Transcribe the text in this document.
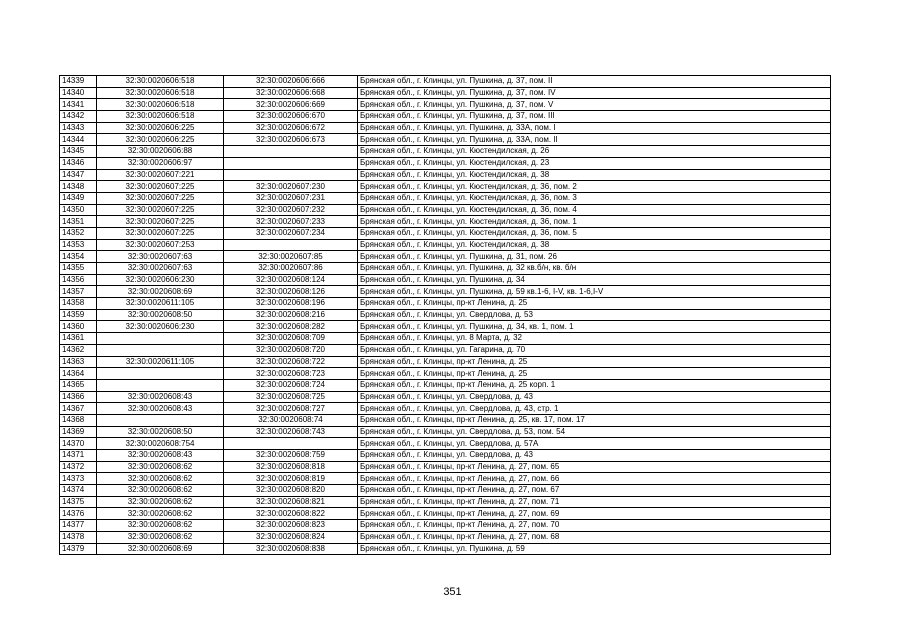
14339	32:30:0020606:518	32:30:0020606:666	Брянская обл., г. Клинцы, ул. Пушкина, д. 37, пом. II
14340	32:30:0020606:518	32:30:0020606:668	Брянская обл., г. Клинцы, ул. Пушкина, д. 37, пом. IV
14341	32:30:0020606:518	32:30:0020606:669	Брянская обл., г. Клинцы, ул. Пушкина, д. 37, пом. V
14342	32:30:0020606:518	32:30:0020606:670	Брянская обл., г. Клинцы, ул. Пушкина, д. 37, пом. III
14343	32:30:0020606:225	32:30:0020606:672	Брянская обл., г. Клинцы, ул. Пушкина, д. 33А, пом. I
14344	32:30:0020606:225	32:30:0020606:673	Брянская обл., г. Клинцы, ул. Пушкина, д. 33А, пом. II
14345	32:30:0020606:88		Брянская обл., г. Клинцы, ул. Кюстендилская, д. 26
14346	32:30:0020606:97		Брянская обл., г. Клинцы, ул. Кюстендилская, д. 23
14347	32:30:0020607:221		Брянская обл., г. Клинцы, ул. Кюстендилская, д. 38
14348	32:30:0020607:225	32:30:0020607:230	Брянская обл., г. Клинцы, ул. Кюстендилская, д. 36, пом. 2
14349	32:30:0020607:225	32:30:0020607:231	Брянская обл., г. Клинцы, ул. Кюстендилская, д. 36, пом. 3
14350	32:30:0020607:225	32:30:0020607:232	Брянская обл., г. Клинцы, ул. Кюстендилская, д. 36, пом. 4
14351	32:30:0020607:225	32:30:0020607:233	Брянская обл., г. Клинцы, ул. Кюстендилская, д. 36, пом. 1
14352	32:30:0020607:225	32:30:0020607:234	Брянская обл., г. Клинцы, ул. Кюстендилская, д. 36, пом. 5
14353	32:30:0020607:253		Брянская обл., г. Клинцы, ул. Кюстендилская, д. 38
14354	32:30:0020607:63	32:30:0020607:85	Брянская обл., г. Клинцы, ул. Пушкина, д. 31, пом. 26
14355	32:30:0020607:63	32:30:0020607:86	Брянская обл., г. Клинцы, ул. Пушкина, д. 32 кв.б/н, кв. б/н
14356	32:30:0020606:230	32:30:0020608:124	Брянская обл., г. Клинцы, ул. Пушкина, д. 34
14357	32:30:0020608:69	32:30:0020608:126	Брянская обл., г. Клинцы, ул. Пушкина, д. 59 кв.1-6, I-V, кв. 1-6,I-V
14358	32:30:0020611:105	32:30:0020608:196	Брянская обл., г. Клинцы, пр-кт Ленина, д. 25
14359	32:30:0020608:50	32:30:0020608:216	Брянская обл., г. Клинцы, ул. Свердлова, д. 53
14360	32:30:0020606:230	32:30:0020608:282	Брянская обл., г. Клинцы, ул. Пушкина, д. 34, кв. 1, пом. 1
14361		32:30:0020608:709	Брянская обл., г. Клинцы, ул. 8 Марта, д. 32
14362		32:30:0020608:720	Брянская обл., г. Клинцы, ул. Гагарина, д. 70
14363	32:30:0020611:105	32:30:0020608:722	Брянская обл., г. Клинцы, пр-кт Ленина, д. 25
14364		32:30:0020608:723	Брянская обл., г. Клинцы, пр-кт Ленина, д. 25
14365		32:30:0020608:724	Брянская обл., г. Клинцы, пр-кт Ленина, д. 25 корп. 1
14366	32:30:0020608:43	32:30:0020608:725	Брянская обл., г. Клинцы, ул. Свердлова, д. 43
14367	32:30:0020608:43	32:30:0020608:727	Брянская обл., г. Клинцы, ул. Свердлова, д. 43, стр. 1
14368		32:30:0020608:74	Брянская обл., г. Клинцы, пр-кт Ленина, д. 25, кв. 17, пом. 17
14369	32:30:0020608:50	32:30:0020608:743	Брянская обл., г. Клинцы, ул. Свердлова, д. 53, пом. 54
14370	32:30:0020608:754		Брянская обл., г. Клинцы, ул. Свердлова, д. 57А
14371	32:30:0020608:43	32:30:0020608:759	Брянская обл., г. Клинцы, ул. Свердлова, д. 43
14372	32:30:0020608:62	32:30:0020608:818	Брянская обл., г. Клинцы, пр-кт Ленина, д. 27, пом. 65
14373	32:30:0020608:62	32:30:0020608:819	Брянская обл., г. Клинцы, пр-кт Ленина, д. 27, пом. 66
14374	32:30:0020608:62	32:30:0020608:820	Брянская обл., г. Клинцы, пр-кт Ленина, д. 27, пом. 67
14375	32:30:0020608:62	32:30:0020608:821	Брянская обл., г. Клинцы, пр-кт Ленина, д. 27, пом. 71
14376	32:30:0020608:62	32:30:0020608:822	Брянская обл., г. Клинцы, пр-кт Ленина, д. 27, пом. 69
14377	32:30:0020608:62	32:30:0020608:823	Брянская обл., г. Клинцы, пр-кт Ленина, д. 27, пом. 70
14378	32:30:0020608:62	32:30:0020608:824	Брянская обл., г. Клинцы, пр-кт Ленина, д. 27, пом. 68
14379	32:30:0020608:69	32:30:0020608:838	Брянская обл., г. Клинцы, ул. Пушкина, д. 59
351
